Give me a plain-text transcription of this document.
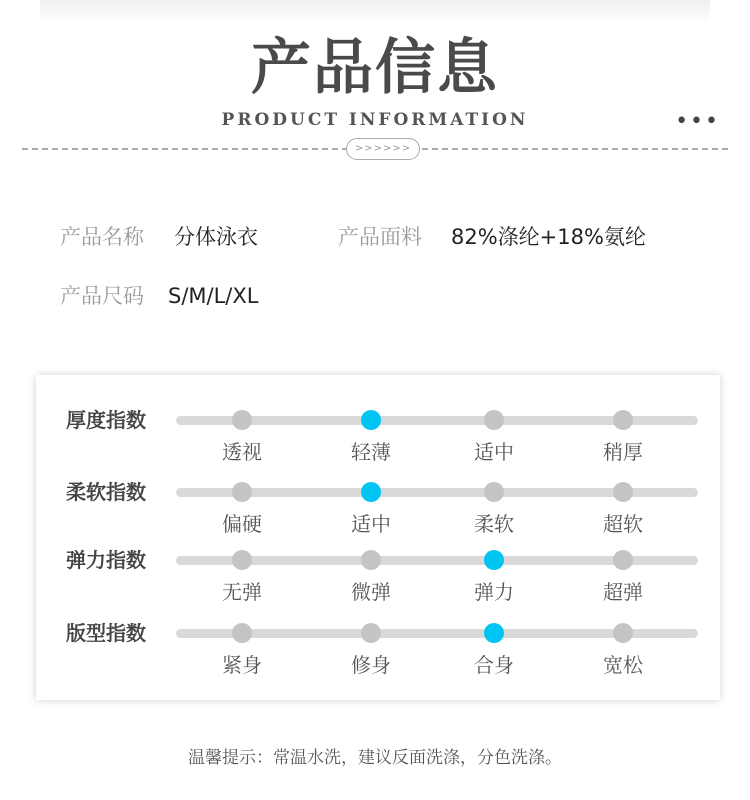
产品信息
PRODUCT INFORMATION	•••
>>>>>>
产品名称 分体泳衣	产品面料 82%涤纶+18%氨纶
产品尺码 S/M/L/XL
厚度指数
透视	轻薄	适中	稍厚
柔软指数
偏硬	适中	柔软	超软
弹力指数
无弹	微弹	弹力	超弹
版型指数
紧身	修身	合身	宽松
温馨提示：常温水洗，建议反面洗涤，分色洗涤。
